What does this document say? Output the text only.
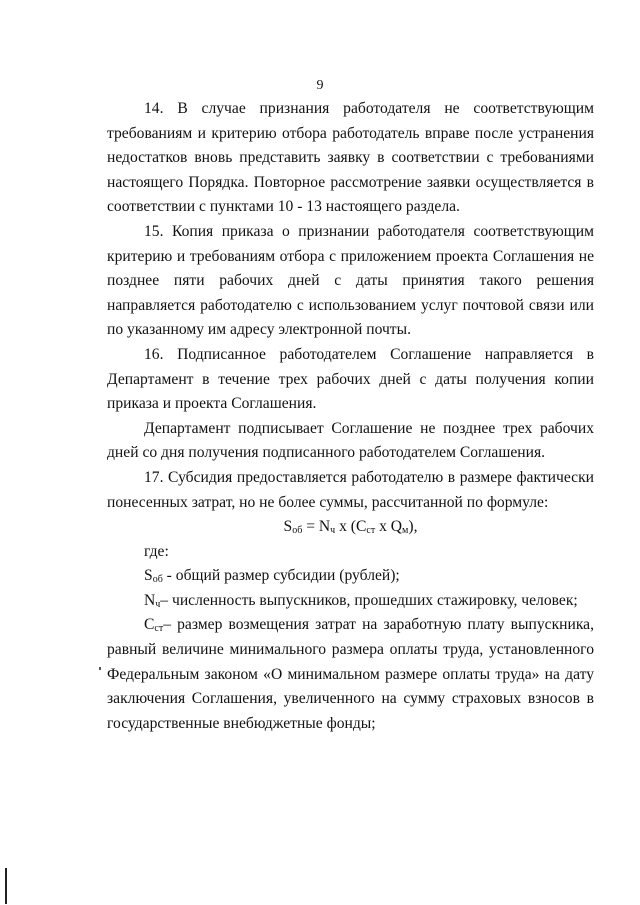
9

14. В случае признания работодателя не соответствующим требованиям и критерию отбора работодатель вправе после устранения недостатков вновь представить заявку в соответствии с требованиями настоящего Порядка. Повторное рассмотрение заявки осуществляется в соответствии с пунктами 10 - 13 настоящего раздела.

15. Копия приказа о признании работодателя соответствующим критерию и требованиям отбора с приложением проекта Соглашения не позднее пяти рабочих дней с даты принятия такого решения направляется работодателю с использованием услуг почтовой связи или по указанному им адресу электронной почты.

16. Подписанное работодателем Соглашение направляется в Департамент в течение трех рабочих дней с даты получения копии приказа и проекта Соглашения.

Департамент подписывает Соглашение не позднее трех рабочих дней со дня получения подписанного работодателем Соглашения.

17. Субсидия предоставляется работодателю в размере фактически понесенных затрат, но не более суммы, рассчитанной по формуле:

$S_{об} = N_ч$ x ($C_{ст}$ x $Q_м$),

где:

$S_{об}$ - общий размер субсидии (рублей);

$N_ч-$ численность выпускников, прошедших стажировку, человек;

$C_{ст}-$ размер возмещения затрат на заработную плату выпускника, равный величине минимального размера оплаты труда, установленного Федеральным законом «О минимальном размере оплаты труда» на дату заключения Соглашения, увеличенного на сумму страховых взносов в государственные внебюджетные фонды;
